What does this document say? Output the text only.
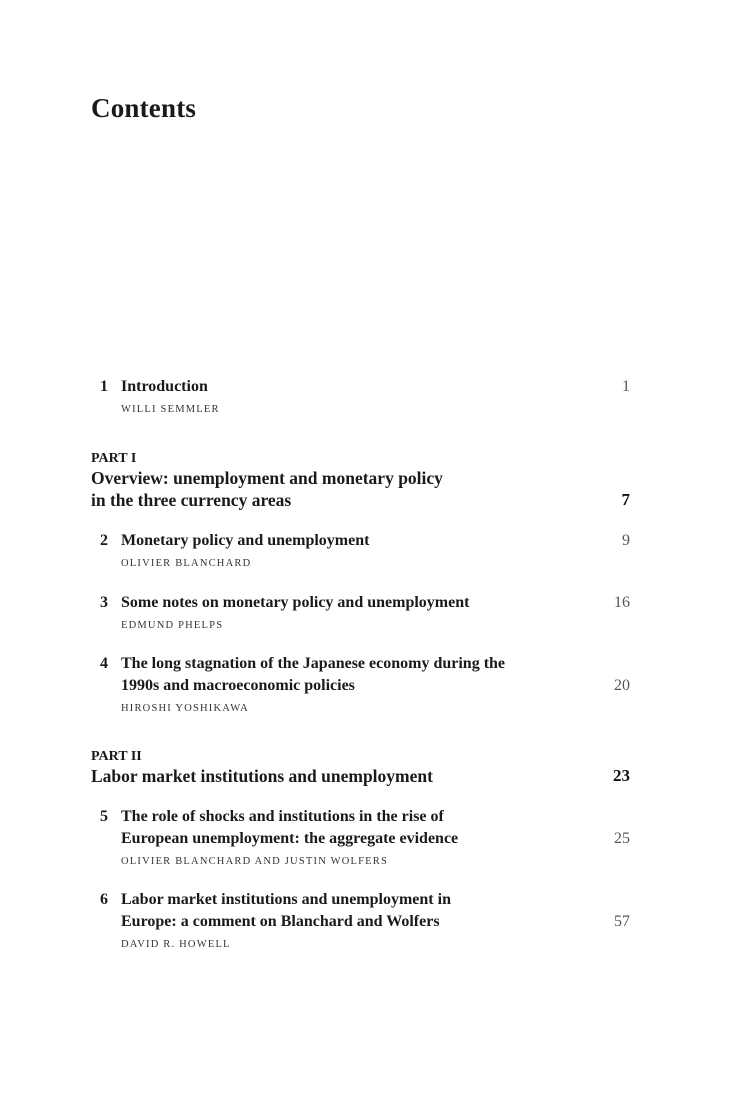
Contents
1 Introduction
WILLI SEMMLER
1
PART I
Overview: unemployment and monetary policy
in the three currency areas	7
2 Monetary policy and unemployment
OLIVIER BLANCHARD
9
3 Some notes on monetary policy and unemployment
EDMUND PHELPS
16
4 The long stagnation of the Japanese economy during the
1990s and macroeconomic policies
HIROSHI YOSHIKAWA
20
PART II
Labor market institutions and unemployment	23
5 The role of shocks and institutions in the rise of
European unemployment: the aggregate evidence
OLIVIER BLANCHARD AND JUSTIN WOLFERS
25
6 Labor market institutions and unemployment in
Europe: a comment on Blanchard and Wolfers
DAVID R. HOWELL
57
